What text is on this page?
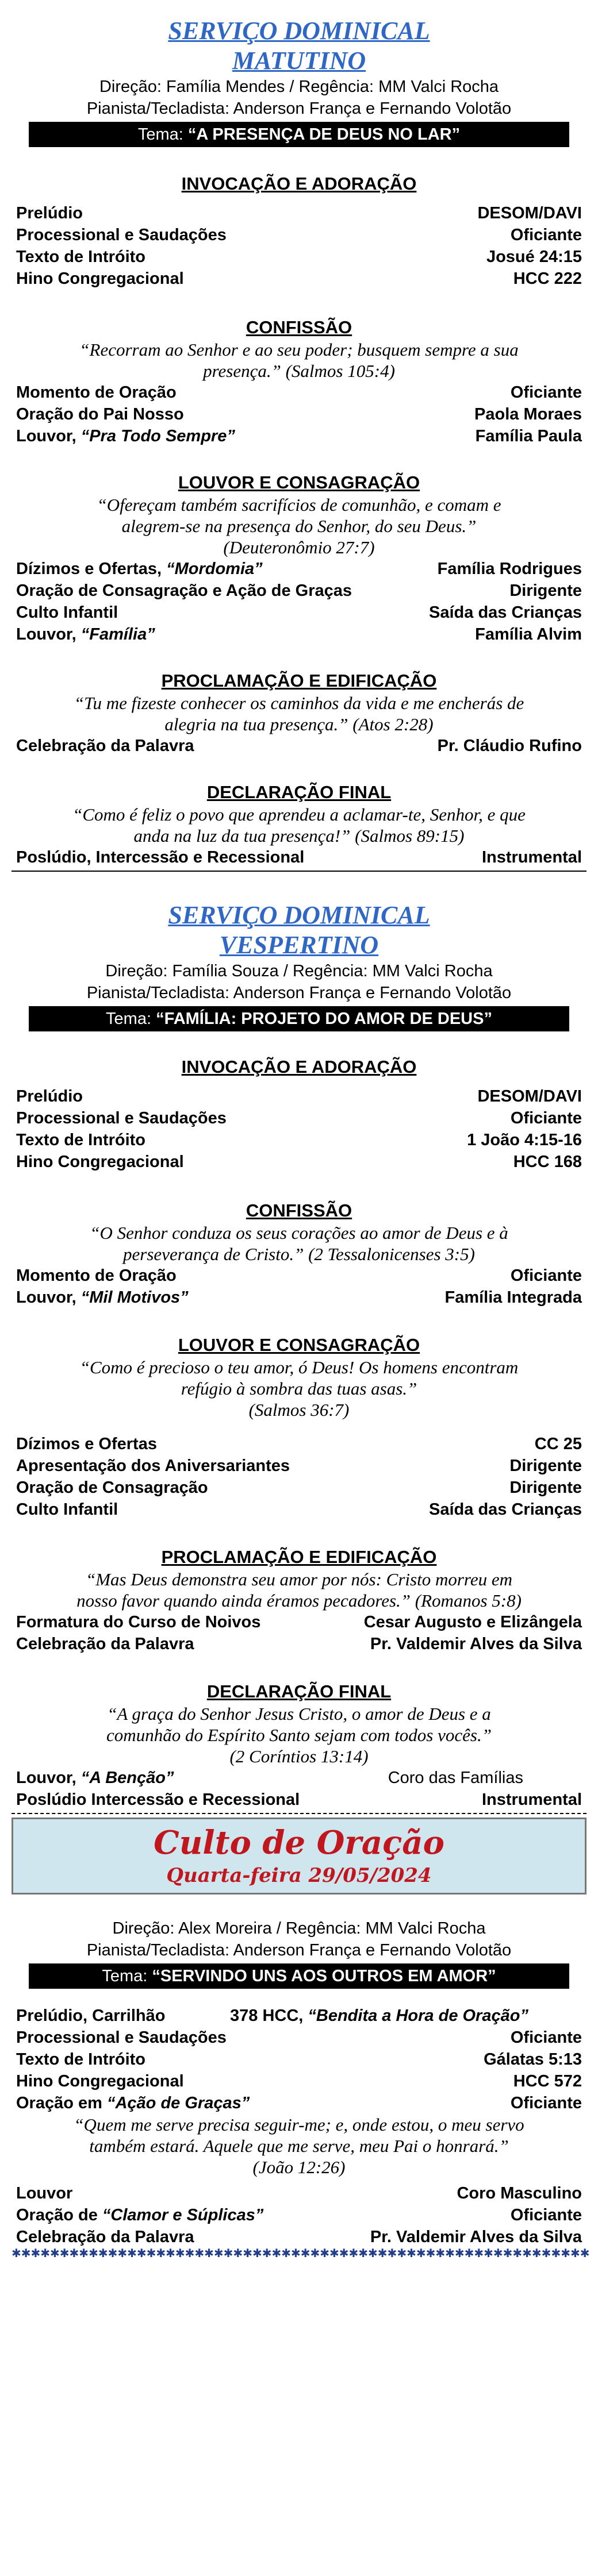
SERVIÇO DOMINICAL
MATUTINO

Direção: Família Mendes / Regência: MM Valci Rocha

Pianista/Tecladista: Anderson França e Fernando Volotão

Tema: “A PRESENÇA DE DEUS NO LAR”
INVOCAÇÃO E ADORAÇÃO
Prelúdio	DESOM/DAVI
Processional e Saudações	Oficiante
Texto de Intróito	Josué 24:15
Hino Congregacional	HCC 222
CONFISSÃO

“Recorram ao Senhor e ao seu poder; busquem sempre a sua

presença.” (Salmos 105:4)

Momento de Oração	Oficiante
Oração do Pai Nosso	Paola Moraes
Louvor, “Pra Todo Sempre”	Família Paula
LOUVOR E CONSAGRAÇÃO

“Ofereçam também sacrifícios de comunhão, e comam e

alegrem-se na presença do Senhor, do seu Deus.”

(Deuteronômio 27:7)

Dízimos e Ofertas, “Mordomia”	Família Rodrigues
Oração de Consagração e Ação de Graças	Dirigente
Culto Infantil	Saída das Crianças
Louvor, “Família”	Família Alvim
PROCLAMAÇÃO E EDIFICAÇÃO

“Tu me fizeste conhecer os caminhos da vida e me encherás de

alegria na tua presença.” (Atos 2:28)

Celebração da Palavra	Pr. Cláudio Rufino
DECLARAÇÃO FINAL

“Como é feliz o povo que aprendeu a aclamar-te, Senhor, e que

anda na luz da tua presença!” (Salmos 89:15)

Poslúdio, Intercessão e Recessional	Instrumental
SERVIÇO DOMINICAL
VESPERTINO

Direção: Família Souza / Regência: MM Valci Rocha

Pianista/Tecladista: Anderson França e Fernando Volotão

Tema: “FAMÍLIA: PROJETO DO AMOR DE DEUS”
INVOCAÇÃO E ADORAÇÃO
Prelúdio	DESOM/DAVI
Processional e Saudações	Oficiante
Texto de Intróito	1 João 4:15-16
Hino Congregacional	HCC 168
CONFISSÃO

“O Senhor conduza os seus corações ao amor de Deus e à

perseverança de Cristo.” (2 Tessalonicenses 3:5)

Momento de Oração	Oficiante
Louvor, “Mil Motivos”	Família Integrada
LOUVOR E CONSAGRAÇÃO

“Como é precioso o teu amor, ó Deus! Os homens encontram

refúgio à sombra das tuas asas.”

(Salmos 36:7)

Dízimos e Ofertas	CC 25
Apresentação dos Aniversariantes	Dirigente
Oração de Consagração	Dirigente
Culto Infantil	Saída das Crianças
PROCLAMAÇÃO E EDIFICAÇÃO

“Mas Deus demonstra seu amor por nós: Cristo morreu em

nosso favor quando ainda éramos pecadores.” (Romanos 5:8)

Formatura do Curso de Noivos	Cesar Augusto e Elizângela
Celebração da Palavra	Pr. Valdemir Alves da Silva
DECLARAÇÃO FINAL

“A graça do Senhor Jesus Cristo, o amor de Deus e a

comunhão do Espírito Santo sejam com todos vocês.”

(2 Coríntios 13:14)

Louvor, “A Benção”	Coro das Famílias
Poslúdio Intercessão e Recessional	Instrumental
Culto de Oração
Quarta-feira 29/05/2024

Direção: Alex Moreira / Regência: MM Valci Rocha

Pianista/Tecladista: Anderson França e Fernando Volotão

Tema: “SERVINDO UNS AOS OUTROS EM AMOR”
Prelúdio, Carrilhão	378 HCC, “Bendita a Hora de Oração”
Processional e Saudações	Oficiante
Texto de Intróito	Gálatas 5:13
Hino Congregacional	HCC 572
Oração em “Ação de Graças”	Oficiante

“Quem me serve precisa seguir-me; e, onde estou, o meu servo

também estará. Aquele que me serve, meu Pai o honrará.”

(João 12:26)

Louvor	Coro Masculino
Oração de “Clamor e Súplicas”	Oficiante
Celebração da Palavra	Pr. Valdemir Alves da Silva
✱✱✱✱✱✱✱✱✱✱✱✱✱✱✱✱✱✱✱✱✱✱✱✱✱✱✱✱✱✱✱✱✱✱✱✱✱✱✱✱✱✱✱✱✱✱✱✱✱✱✱✱✱✱✱✱✱✱✱✱
